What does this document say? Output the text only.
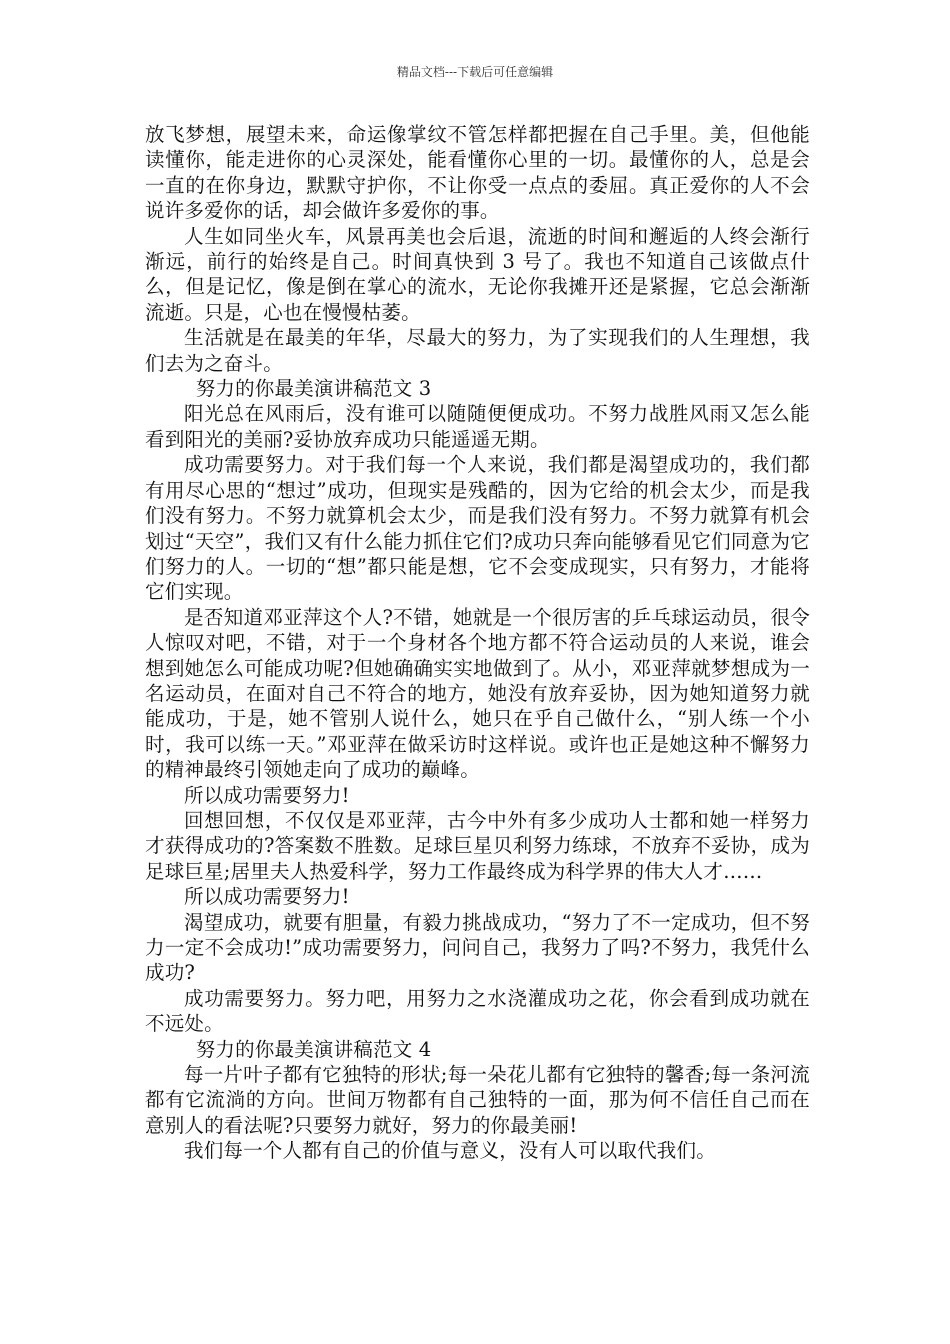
精品文档---下载后可任意编辑

放飞梦想，展望未来，命运像掌纹不管怎样都把握在自己手里。美，但他能读懂你，能走进你的心灵深处，能看懂你心里的一切。最懂你的人，总是会一直的在你身边，默默守护你，不让你受一点点的委屈。真正爱你的人不会说许多爱你的话，却会做许多爱你的事。

人生如同坐火车，风景再美也会后退，流逝的时间和邂逅的人终会渐行渐远，前行的始终是自己。时间真快到 3 号了。我也不知道自己该做点什么，但是记忆，像是倒在掌心的流水，无论你我摊开还是紧握，它总会渐渐流逝。只是，心也在慢慢枯萎。

生活就是在最美的年华，尽最大的努力，为了实现我们的人生理想，我们去为之奋斗。

努力的你最美演讲稿范文 3

阳光总在风雨后，没有谁可以随随便便成功。不努力战胜风雨又怎么能看到阳光的美丽?妥协放弃成功只能遥遥无期。

成功需要努力。对于我们每一个人来说，我们都是渴望成功的，我们都有用尽心思的“想过”成功，但现实是残酷的，因为它给的机会太少，而是我们没有努力。不努力就算机会太少，而是我们没有努力。不努力就算有机会划过“天空”，我们又有什么能力抓住它们?成功只奔向能够看见它们同意为它们努力的人。一切的“想”都只能是想，它不会变成现实，只有努力，才能将它们实现。

是否知道邓亚萍这个人?不错，她就是一个很厉害的乒乓球运动员，很令人惊叹对吧，不错，对于一个身材各个地方都不符合运动员的人来说，谁会想到她怎么可能成功呢?但她确确实实地做到了。从小，邓亚萍就梦想成为一名运动员，在面对自己不符合的地方，她没有放弃妥协，因为她知道努力就能成功，于是，她不管别人说什么，她只在乎自己做什么，“别人练一个小时，我可以练一天。”邓亚萍在做采访时这样说。或许也正是她这种不懈努力的精神最终引领她走向了成功的巅峰。

所以成功需要努力!

回想回想，不仅仅是邓亚萍，古今中外有多少成功人士都和她一样努力才获得成功的?答案数不胜数。足球巨星贝利努力练球，不放弃不妥协，成为足球巨星;居里夫人热爱科学，努力工作最终成为科学界的伟大人才……

所以成功需要努力!

渴望成功，就要有胆量，有毅力挑战成功，“努力了不一定成功，但不努力一定不会成功!”成功需要努力，问问自己，我努力了吗?不努力，我凭什么成功?

成功需要努力。努力吧，用努力之水浇灌成功之花，你会看到成功就在不远处。

努力的你最美演讲稿范文 4

每一片叶子都有它独特的形状;每一朵花儿都有它独特的馨香;每一条河流都有它流淌的方向。世间万物都有自己独特的一面，那为何不信任自己而在意别人的看法呢?只要努力就好，努力的你最美丽!

我们每一个人都有自己的价值与意义，没有人可以取代我们。
